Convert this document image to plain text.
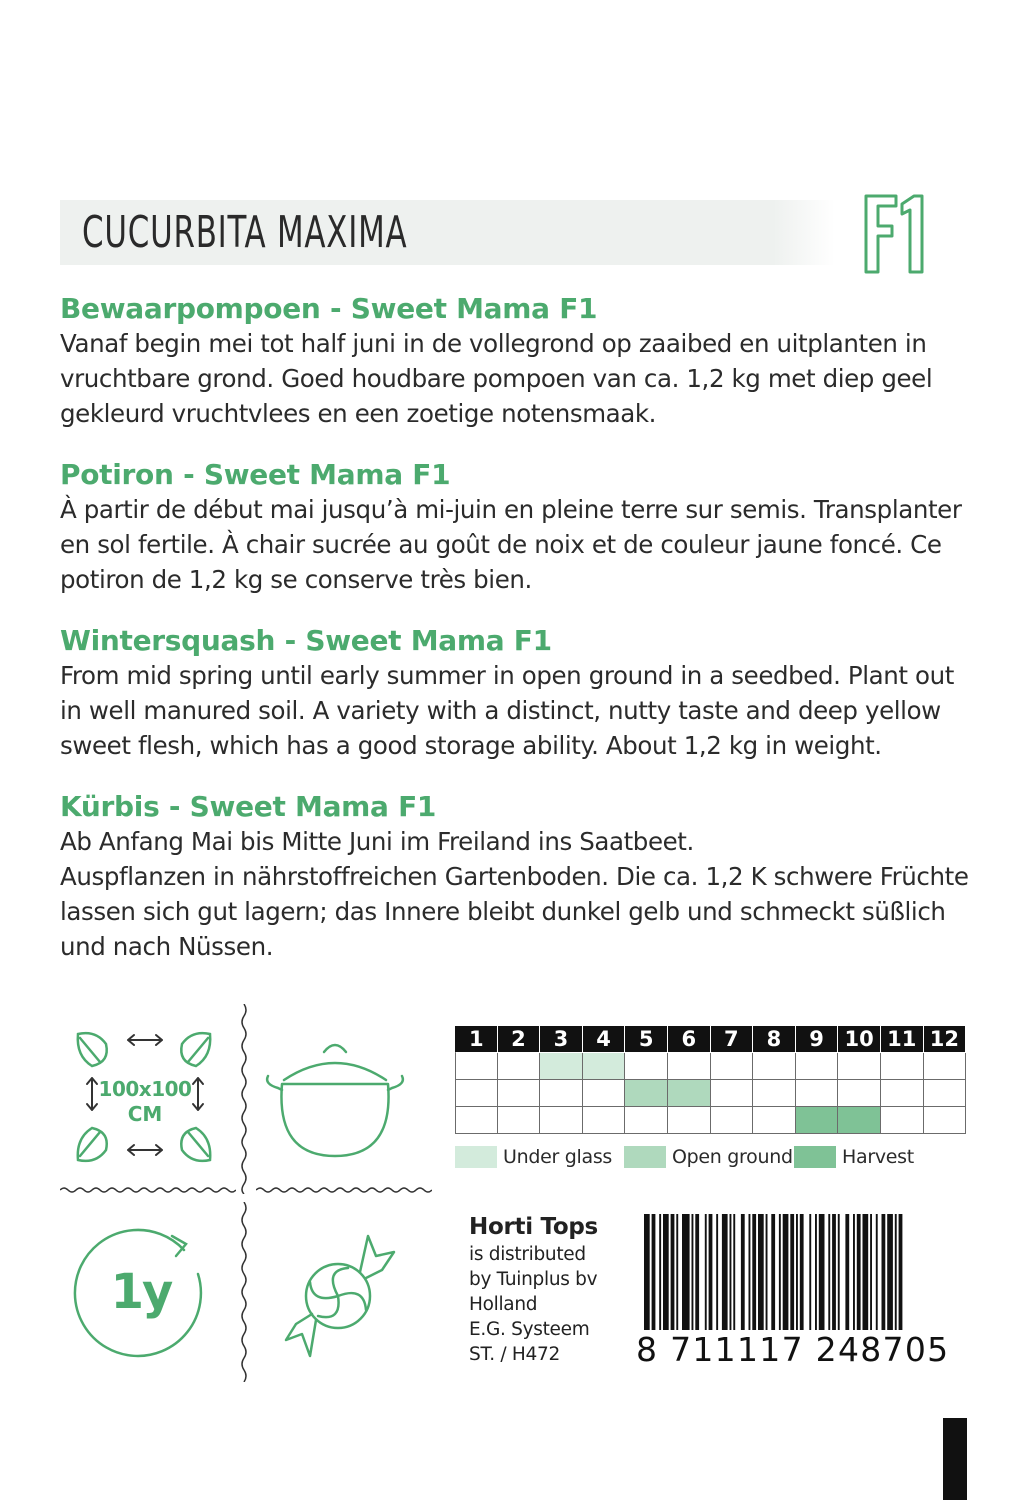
CUCURBITA MAXIMA
Bewaarpompoen - Sweet Mama F1
Vanaf begin mei tot half juni in de vollegrond op zaaibed en uitplanten in
vruchtbare grond. Goed houdbare pompoen van ca. 1,2 kg met diep geel
gekleurd vruchtvlees en een zoetige notensmaak.
Potiron - Sweet Mama F1
À partir de début mai jusqu’à mi-juin en pleine terre sur semis. Transplanter
en sol fertile. À chair sucrée au goût de noix et de couleur jaune foncé. Ce
potiron de 1,2 kg se conserve très bien.
Wintersquash - Sweet Mama F1
From mid spring until early summer in open ground in a seedbed. Plant out
in well manured soil. A variety with a distinct, nutty taste and deep yellow
sweet flesh, which has a good storage ability. About 1,2 kg in weight.
Kürbis - Sweet Mama F1
Ab Anfang Mai bis Mitte Juni im Freiland ins Saatbeet.
Auspflanzen in nährstoffreichen Gartenboden. Die ca. 1,2 K schwere Früchte
lassen sich gut lagern; das Innere bleibt dunkel gelb und schmeckt süßlich
und nach Nüssen.
100x100
CM
1y
1	2	3	4	5	6	7	8	9 10 11 12
Under glass	Open ground	Harvest
Horti Tops
is distributed
by Tuinplus bv
Holland
E.G. Systeem
ST. / H472	8 711117 248705
